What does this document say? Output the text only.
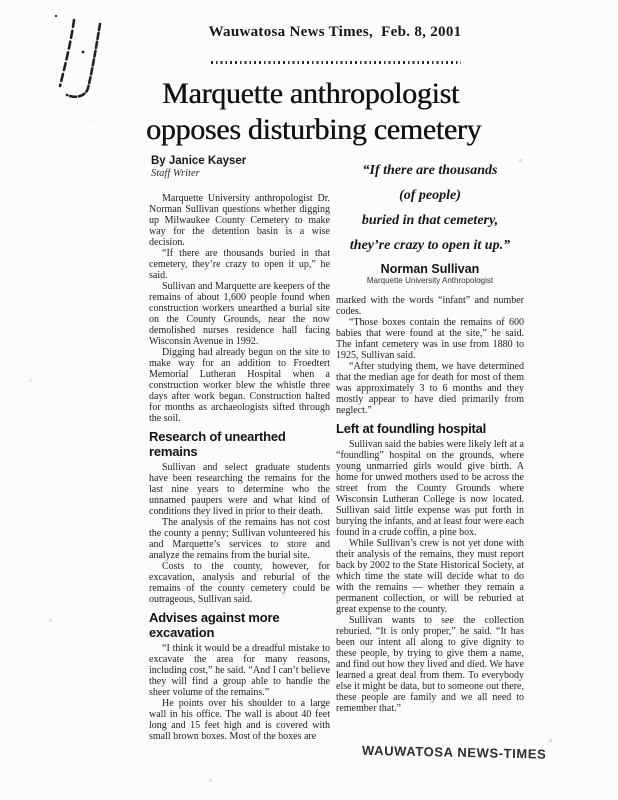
Wauwatosa News Times,  Feb. 8, 2001
Marquette anthropologist
opposes disturbing cemetery
By Janice Kayser
Staff Writer

Marquette University anthropologist Dr. Norman Sullivan questions whether digging up Milwaukee County Cemetery to make way for the detention basin is a wise decision.

“If there are thousands buried in that cemetery, they’re crazy to open it up,” he said.

Sullivan and Marquette are keepers of the remains of about 1,600 people found when construction workers unearthed a burial site on the County Grounds, near the now demolished nurses residence hall facing Wisconsin Avenue in 1992.

Digging had already begun on the site to make way for an addition to Froedtert Memorial Lutheran Hospital when a construction worker blew the whistle three days after work began. Construction halted for months as archaeologists sifted through the soil.

Research of unearthed remains

Sullivan and select graduate students have been researching the remains for the last nine years to determine who the unnamed paupers were and what kind of conditions they lived in prior to their death.

The analysis of the remains has not cost the county a penny; Sullivan volunteered his and Marquette’s services to store and analyze the remains from the burial site.

Costs to the county, however, for excavation, analysis and reburial of the remains of the county cemetery could be outrageous, Sullivan said.

Advises against more excavation

“I think it would be a dreadful mistake to excavate the area for many reasons, including cost,” he said. “And I can’t believe they will find a group able to handle the sheer volume of the remains.”

He points over his shoulder to a large wall in his office. The wall is about 40 feet long and 15 feet high and is covered with small brown boxes. Most of the boxes are

“If there are thousands
(of people)
buried in that cemetery,
they’re crazy to open it up.”
Norman Sullivan
Marquette University Anthropologist

marked with the words “infant” and number codes.

“Those boxes contain the remains of 600 babies that were found at the site,” he said. The infant cemetery was in use from 1880 to 1925, Sullivan said.

“After studying them, we have determined that the median age for death for most of them was approximately 3 to 6 months and they mostly appear to have died primarily from neglect.”

Left at foundling hospital

Sullivan said the babies were likely left at a “foundling” hospital on the grounds, where young unmarried girls would give birth. A home for unwed mothers used to be across the street from the County Grounds where Wisconsin Lutheran College is now located. Sullivan said little expense was put forth in burying the infants, and at least four were each found in a crude coffin, a pine box.

While Sullivan’s crew is not yet done with their analysis of the remains, they must report back by 2002 to the State Historical Society, at which time the state will decide what to do with the remains — whether they remain a permanent collection, or will be reburied at great expense to the county.

Sullivan wants to see the collection reburied. “It is only proper,” he said. “It has been our intent all along to give dignity to these people, by trying to give them a name, and find out how they lived and died. We have learned a great deal from them. To everybody else it might be data, but to someone out there, these people are family and we all need to remember that.”

WAUWATOSA NEWS-TIMES
